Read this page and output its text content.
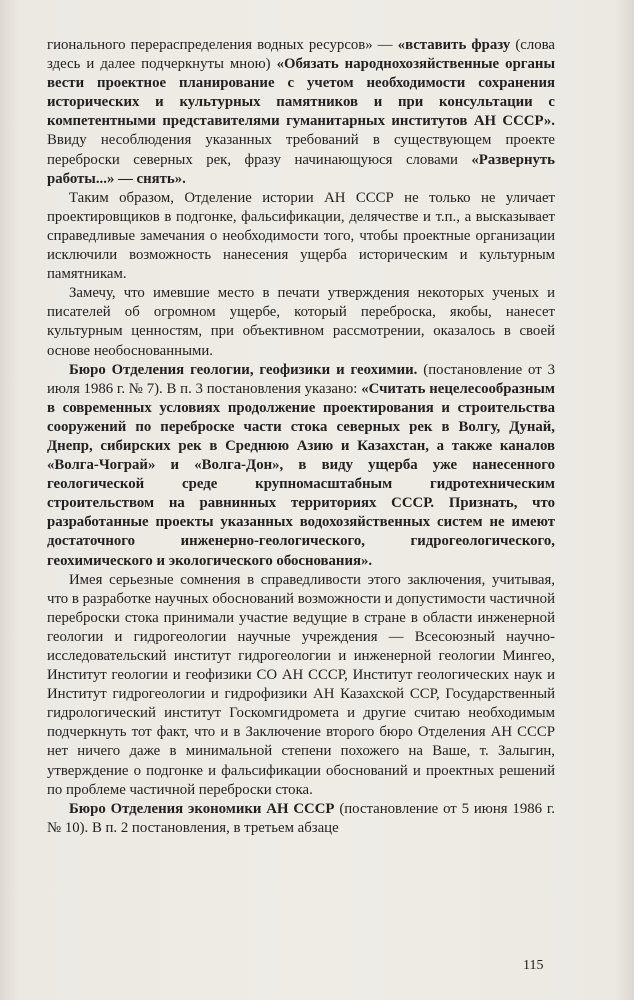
гионального перераспределения водных ресурсов» — «вставить фразу (слова здесь и далее подчеркнуты мною) «Обязать народнохозяйственные органы вести проектное планирование с учетом необходимости сохранения исторических и культурных памятников и при консультации с компетентными представителями гуманитарных институтов АН СССР». Ввиду несоблюдения указанных требований в существующем проекте переброски северных рек, фразу начинающуюся словами «Развернуть работы...» — снять».

Таким образом, Отделение истории АН СССР не только не уличает проектировщиков в подгонке, фальсификации, делячестве и т.п., а высказывает справедливые замечания о необходимости того, чтобы проектные организации исключили возможность нанесения ущерба историческим и культурным памятникам.

Замечу, что имевшие место в печати утверждения некоторых ученых и писателей об огромном ущербе, который переброска, якобы, нанесет культурным ценностям, при объективном рассмотрении, оказалось в своей основе необоснованными.

Бюро Отделения геологии, геофизики и геохимии. (постановление от 3 июля 1986 г. № 7). В п. 3 постановления указано: «Считать нецелесообразным в современных условиях продолжение проектирования и строительства сооружений по переброске части стока северных рек в Волгу, Дунай, Днепр, сибирских рек в Среднюю Азию и Казахстан, а также каналов «Волга-Чограй» и «Волга-Дон», в виду ущерба уже нанесенного геологической среде крупномасштабным гидротехническим строительством на равнинных территориях СССР. Признать, что разработанные проекты указанных водохозяйственных систем не имеют достаточного инженерно-геологического, гидрогеологического, геохимического и экологического обоснования».

Имея серьезные сомнения в справедливости этого заключения, учитывая, что в разработке научных обоснований возможности и допустимости частичной переброски стока принимали участие ведущие в стране в области инженерной геологии и гидрогеологии научные учреждения — Всесоюзный научно-исследовательский институт гидрогеологии и инженерной геологии Мингео, Институт геологии и геофизики СО АН СССР, Институт геологических наук и Институт гидрогеологии и гидрофизики АН Казахской ССР, Государственный гидрологический институт Госкомгидромета и другие считаю необходимым подчеркнуть тот факт, что и в Заключение второго бюро Отделения АН СССР нет ничего даже в минимальной степени похожего на Ваше, т. Залыгин, утверждение о подгонке и фальсификации обоснований и проектных решений по проблеме частичной переброски стока.

Бюро Отделения экономики АН СССР (постановление от 5 июня 1986 г. № 10). В п. 2 постановления, в третьем абзаце

115
